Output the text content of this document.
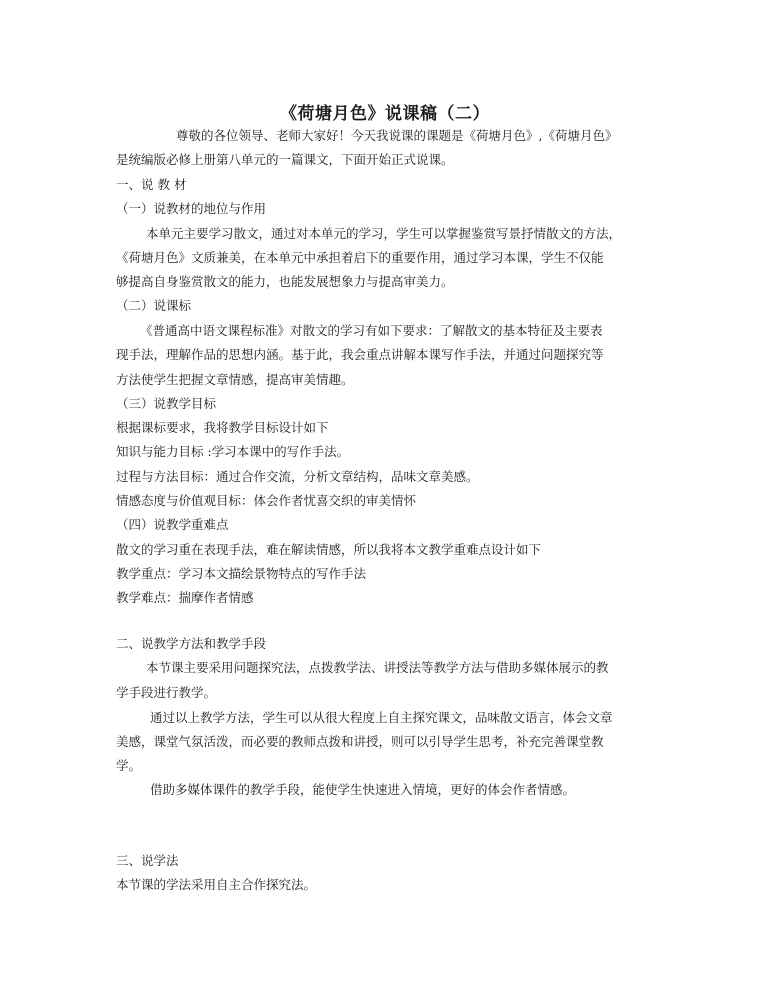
.
《荷塘月色》说课稿（二）
尊敬的各位领导、老师大家好！今天我说课的课题是《荷塘月色》,《荷塘月色》
是统编版必修上册第八单元的一篇课文，下面开始正式说课。
一、说 教 材
（一）说教材的地位与作用
本单元主要学习散文，通过对本单元的学习，学生可以掌握鉴赏写景抒情散文的方法，
《荷塘月色》文质兼美，在本单元中承担着启下的重要作用，通过学习本课，学生不仅能
够提高自身鉴赏散文的能力，也能发展想象力与提高审美力。
（二）说课标
《普通高中语文课程标准》对散文的学习有如下要求：了解散文的基本特征及主要表
现手法，理解作品的思想内涵。基于此，我会重点讲解本课写作手法，并通过问题探究等
方法使学生把握文章情感，提高审美情趣。
（三）说教学目标
根据课标要求，我将教学目标设计如下
知识与能力目标 :学习本课中的写作手法。
过程与方法目标：通过合作交流，分析文章结构，品味文章美感。
情感态度与价值观目标：体会作者忧喜交织的审美情怀
（四）说教学重难点
散文的学习重在表现手法，难在解读情感，所以我将本文教学重难点设计如下
教学重点：学习本文描绘景物特点的写作手法
教学难点：揣摩作者情感
二、说教学方法和教学手段
本节课主要采用问题探究法，点拨教学法、讲授法等教学方法与借助多媒体展示的教
学手段进行教学。
通过以上教学方法，学生可以从很大程度上自主探究课文，品味散文语言，体会文章
美感，课堂气氛活泼，而必要的教师点拨和讲授，则可以引导学生思考，补充完善课堂教
学。
借助多媒体课件的教学手段，能使学生快速进入情境，更好的体会作者情感。
三、说学法
本节课的学法采用自主合作探究法。
